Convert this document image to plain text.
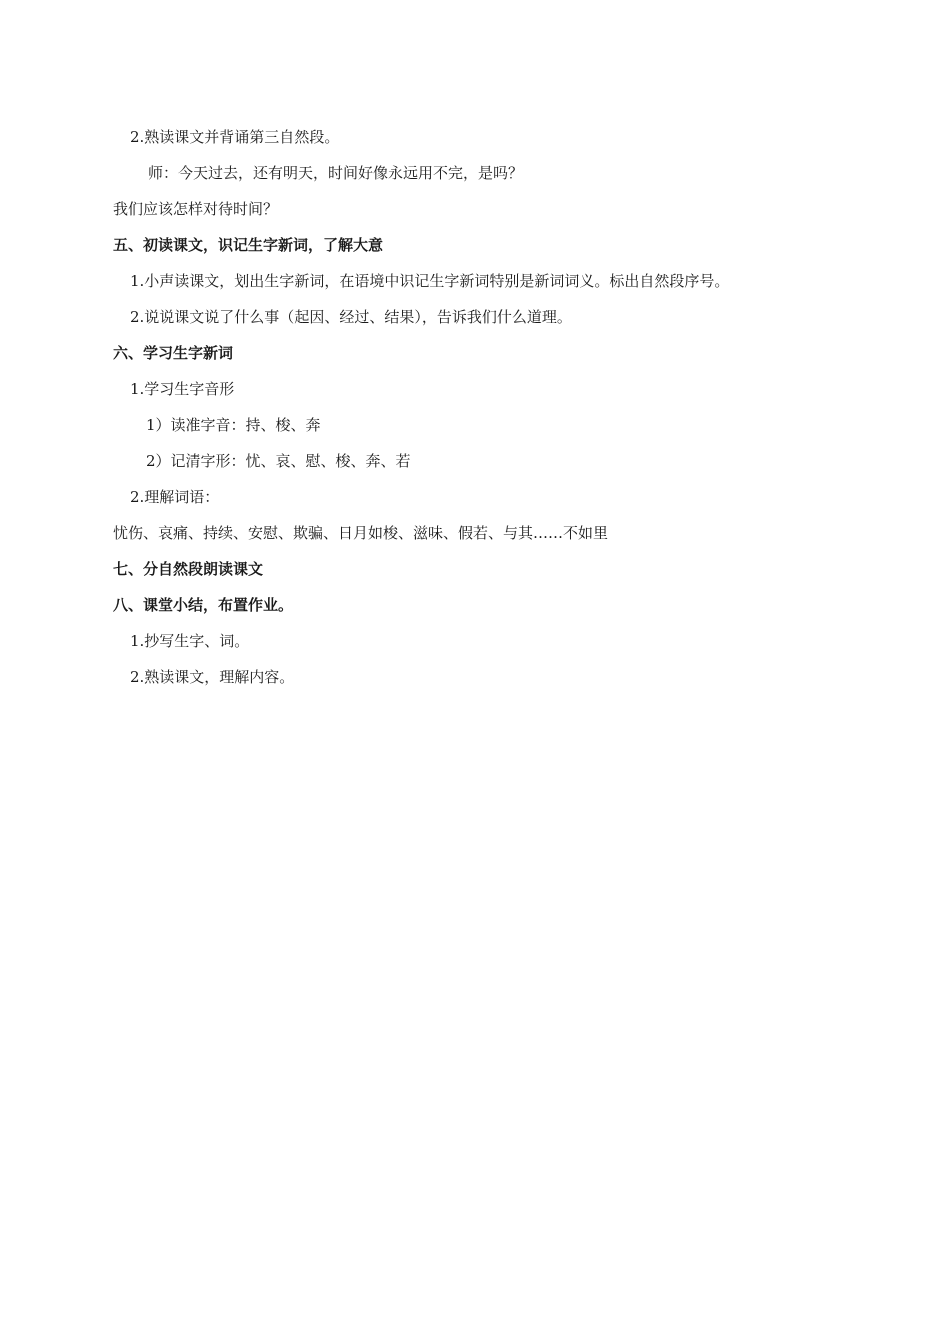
2.熟读课文并背诵第三自然段。
师：今天过去，还有明天，时间好像永远用不完，是吗？
我们应该怎样对待时间？
五、初读课文，识记生字新词，了解大意
1.小声读课文，划出生字新词，在语境中识记生字新词特别是新词词义。标出自然段序号。
2.说说课文说了什么事（起因、经过、结果），告诉我们什么道理。
六、学习生字新词
1.学习生字音形
1）读准字音：持、梭、奔
2）记清字形：忧、哀、慰、梭、奔、若
2.理解词语：
忧伤、哀痛、持续、安慰、欺骗、日月如梭、滋味、假若、与其……不如里
七、分自然段朗读课文
八、课堂小结，布置作业。
1.抄写生字、词。
2.熟读课文，理解内容。
